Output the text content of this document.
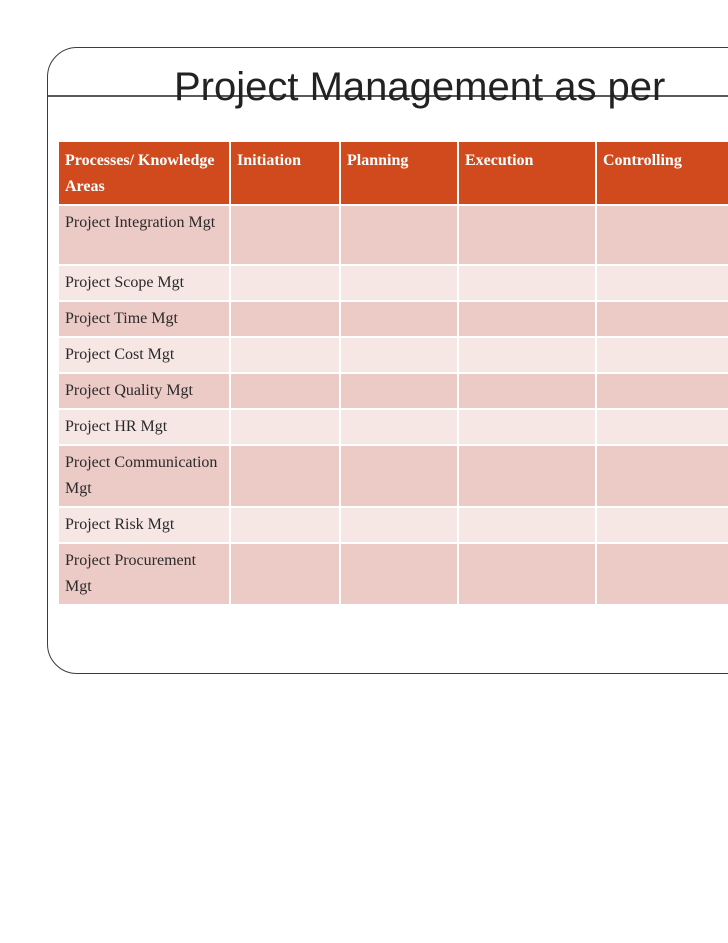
Project Management as per
Processes/ Knowledge Areas	Initiation	Planning	Execution	Controlling
Project Integration Mgt				
Project Scope Mgt				
Project Time Mgt				
Project Cost Mgt				
Project Quality Mgt				
Project HR Mgt				
Project Communication Mgt				
Project Risk Mgt				
Project Procurement Mgt				
